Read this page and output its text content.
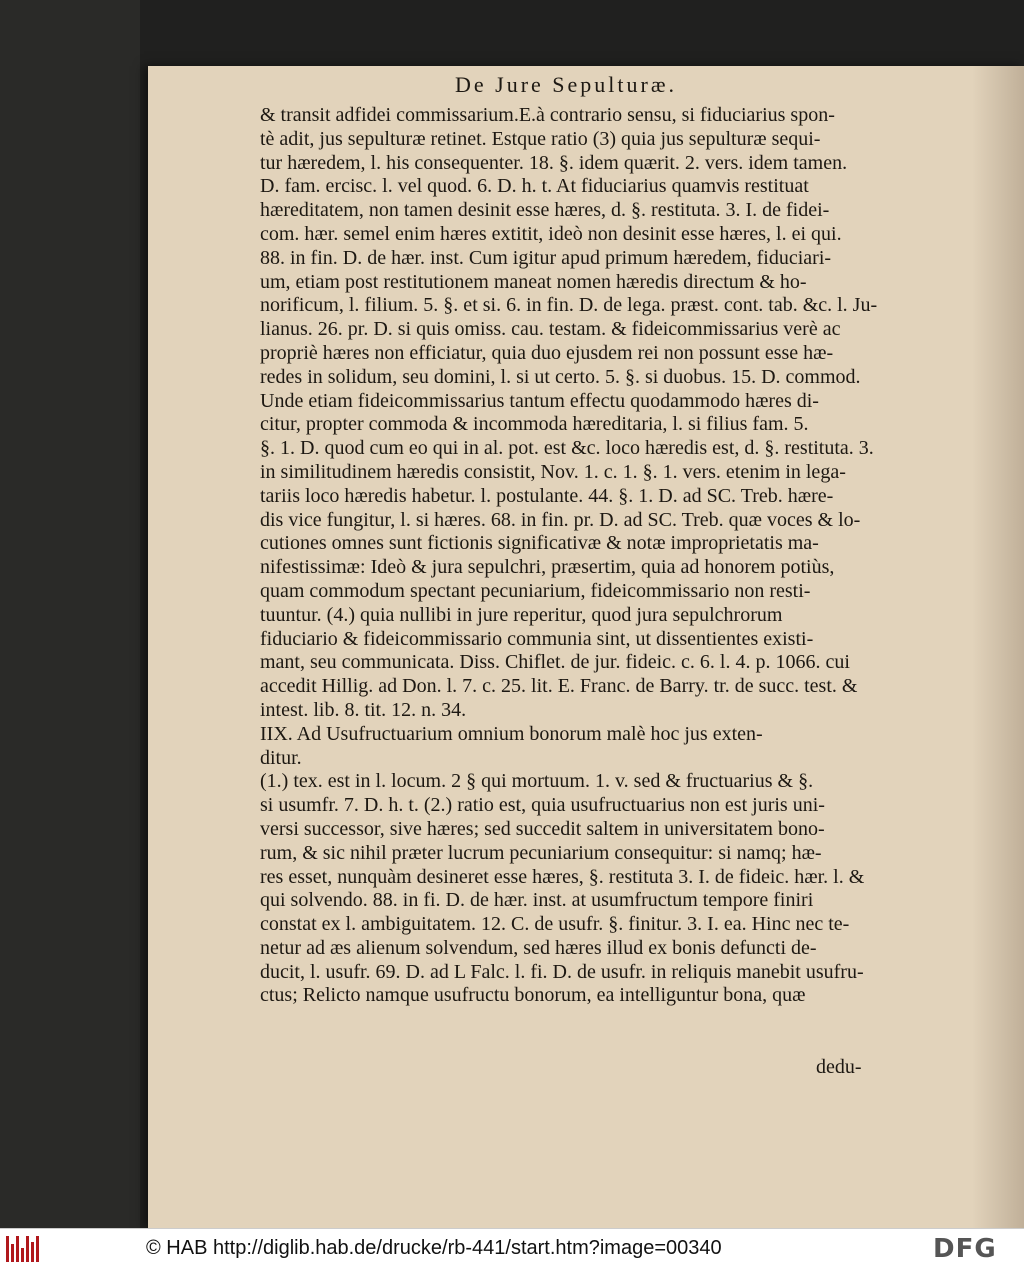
De Jure Sepulturæ.
& transit adfidei commissarium.E.à contrario sensu, si fiduciarius spon-
tè adit, jus sepulturæ retinet. Estque ratio (3) quia jus sepulturæ sequi-
tur hæredem, l. his consequenter. 18. §. idem quærit. 2. vers. idem tamen.
D. fam. ercisc. l. vel quod. 6. D. h. t. At fiduciarius quamvis restituat
hæreditatem, non tamen desinit esse hæres, d. §. restituta. 3. I. de fidei-
com. hær. semel enim hæres extitit, ideò non desinit esse hæres, l. ei qui.
88. in fin. D. de hær. inst. Cum igitur apud primum hæredem, fiduciari-
um, etiam post restitutionem maneat nomen hæredis directum & ho-
norificum, l. filium. 5. §. et si. 6. in fin. D. de lega. præst. cont. tab. &c. l. Ju-
lianus. 26. pr. D. si quis omiss. cau. testam. & fideicommissarius verè ac
propriè hæres non efficiatur, quia duo ejusdem rei non possunt esse hæ-
redes in solidum, seu domini, l. si ut certo. 5. §. si duobus. 15. D. commod.
Unde etiam fideicommissarius tantum effectu quodammodo hæres di-
citur, propter commoda & incommoda hæreditaria, l. si filius fam. 5.
§. 1. D. quod cum eo qui in al. pot. est &c. loco hæredis est, d. §. restituta. 3.
in similitudinem hæredis consistit, Nov. 1. c. 1. §. 1. vers. etenim in lega-
tariis loco hæredis habetur. l. postulante. 44. §. 1. D. ad SC. Treb. hære-
dis vice fungitur, l. si hæres. 68. in fin. pr. D. ad SC. Treb. quæ voces & lo-
cutiones omnes sunt fictionis significativæ & notæ improprietatis ma-
nifestissimæ: Ideò & jura sepulchri, præsertim, quia ad honorem potiùs,
quam commodum spectant pecuniarium, fideicommissario non resti-
tuuntur. (4.) quia nullibi in jure reperitur, quod jura sepulchrorum
fiduciario & fideicommissario communia sint, ut dissentientes existi-
mant, seu communicata. Diss. Chiflet. de jur. fideic. c. 6. l. 4. p. 1066. cui
accedit Hillig. ad Don. l. 7. c. 25. lit. E. Franc. de Barry. tr. de succ. test. &
intest. lib. 8. tit. 12. n. 34.
IIX. Ad Usufructuarium omnium bonorum malè hoc jus exten-
ditur.
(1.) tex. est in l. locum. 2 § qui mortuum. 1. v. sed & fructuarius & §.
si usumfr. 7. D. h. t. (2.) ratio est, quia usufructuarius non est juris uni-
versi successor, sive hæres; sed succedit saltem in universitatem bono-
rum, & sic nihil præter lucrum pecuniarium consequitur: si namq; hæ-
res esset, nunquàm desineret esse hæres, §. restituta 3. I. de fideic. hær. l. &
qui solvendo. 88. in fi. D. de hær. inst. at usumfructum tempore finiri
constat ex l. ambiguitatem. 12. C. de usufr. §. finitur. 3. I. ea. Hinc nec te-
netur ad æs alienum solvendum, sed hæres illud ex bonis defuncti de-
ducit, l. usufr. 69. D. ad L Falc. l. fi. D. de usufr. in reliquis manebit usufru-
ctus; Relicto namque usufructu bonorum, ea intelliguntur bona, quæ
dedu-
© HAB http://diglib.hab.de/drucke/rb-441/start.htm?image=00340	DFG
